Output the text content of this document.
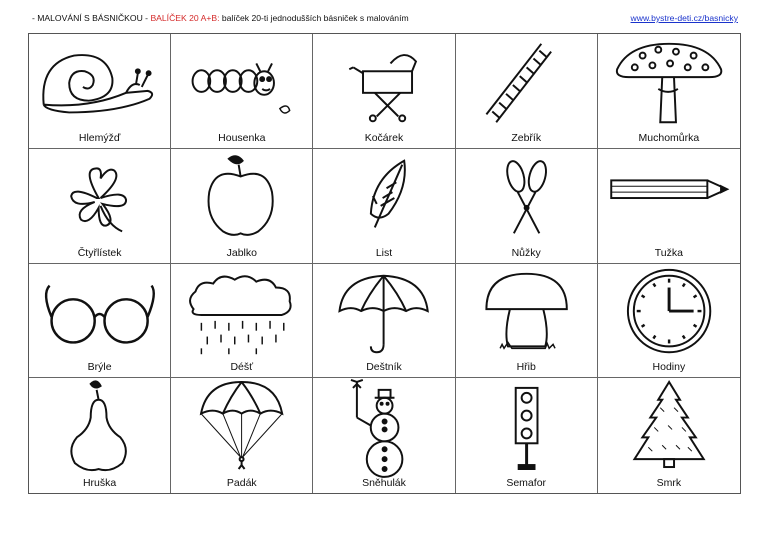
- MALOVÁNÍ S BÁSNIČKOU - BALÍČEK 20 A+B: balíček 20-ti jednodušších básniček s malováním	www.bystre-deti.cz/basnicky
Hlemýžď	Housenka	Kočárek	Zebřík	Muchomůrka
Čtyřlístek	Jablko	List	Nůžky	Tužka
Brýle	Déšť	Deštník	Hřib	Hodiny
Hruška	Padák	Sněhulák	Semafor	Smrk
